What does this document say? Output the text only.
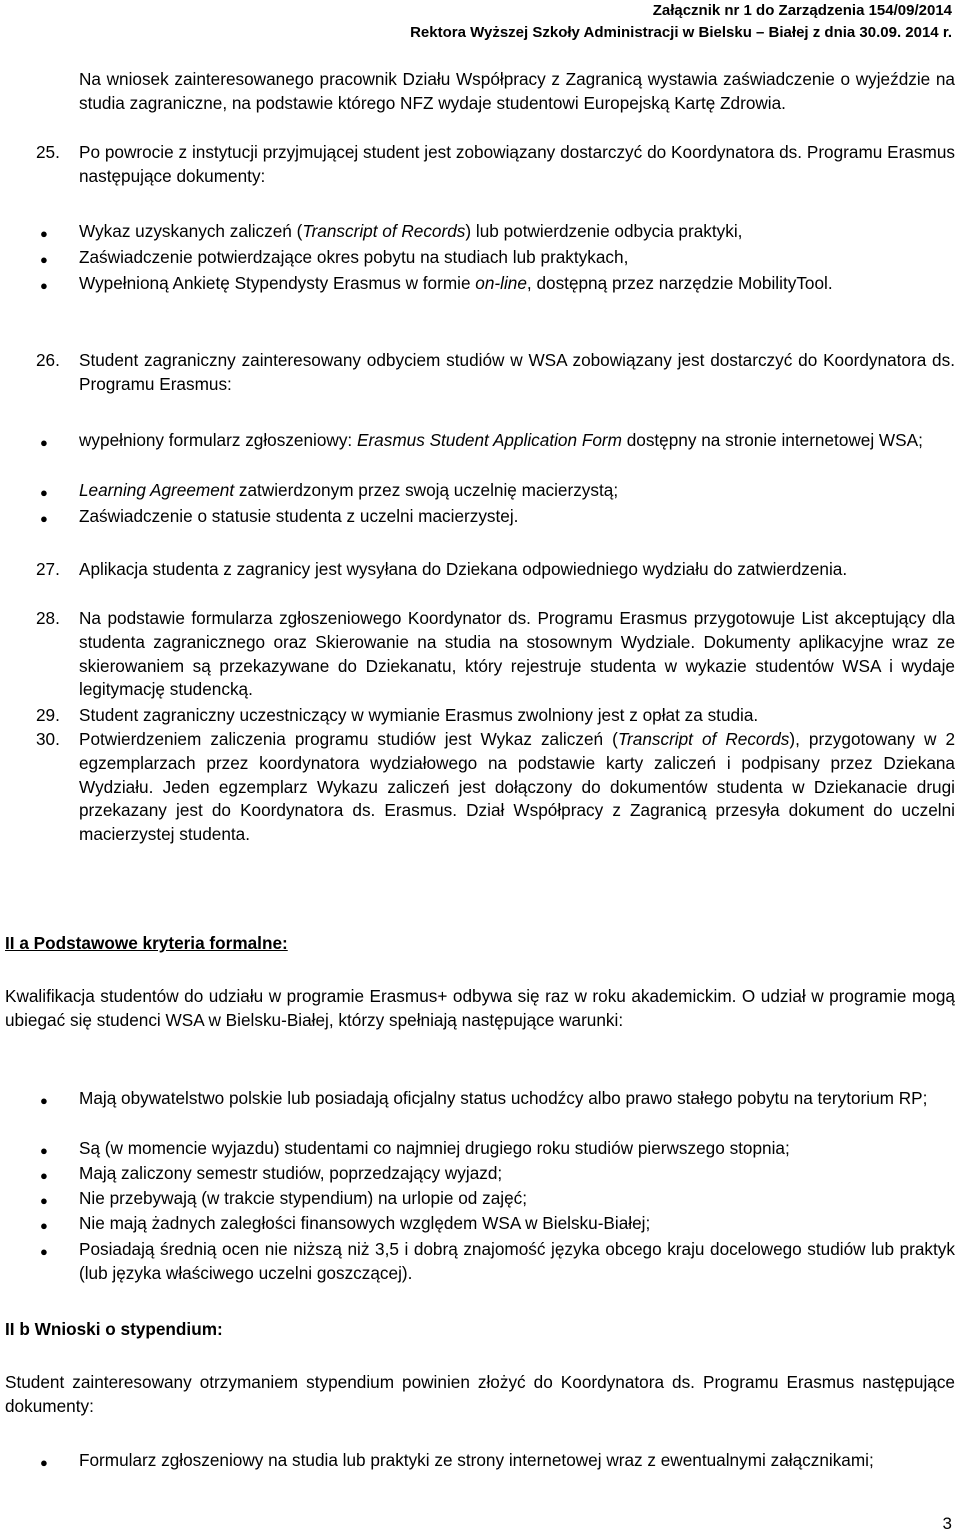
Załącznik nr 1 do Zarządzenia 154/09/2014
Rektora Wyższej Szkoły Administracji w Bielsku – Białej z dnia 30.09. 2014 r.
Na wniosek zainteresowanego pracownik Działu Współpracy z Zagranicą wystawia zaświadczenie o wyjeździe na studia zagraniczne, na podstawie którego NFZ wydaje studentowi Europejską Kartę Zdrowia.
25. Po powrocie z instytucji przyjmującej student jest zobowiązany dostarczyć do Koordynatora ds. Programu Erasmus następujące dokumenty:
● Wykaz uzyskanych zaliczeń (Transcript of Records) lub potwierdzenie odbycia praktyki,
● Zaświadczenie potwierdzające okres pobytu na studiach lub praktykach,
● Wypełnioną Ankietę Stypendysty Erasmus w formie on-line, dostępną przez narzędzie MobilityTool.
26. Student zagraniczny zainteresowany odbyciem studiów w WSA zobowiązany jest dostarczyć do Koordynatora ds. Programu Erasmus:
● wypełniony formularz zgłoszeniowy: Erasmus Student Application Form dostępny na stronie internetowej WSA;
● Learning Agreement zatwierdzonym przez swoją uczelnię macierzystą;
● Zaświadczenie o statusie studenta z uczelni macierzystej.
27. Aplikacja studenta z zagranicy jest wysyłana do Dziekana odpowiedniego wydziału do zatwierdzenia.
28. Na podstawie formularza zgłoszeniowego Koordynator ds. Programu Erasmus przygotowuje List akceptujący dla studenta zagranicznego oraz Skierowanie na studia na stosownym Wydziale. Dokumenty aplikacyjne wraz ze skierowaniem są przekazywane do Dziekanatu, który rejestruje studenta w wykazie studentów WSA i wydaje legitymację studencką.
29. Student zagraniczny uczestniczący w wymianie Erasmus zwolniony jest z opłat za studia.
30. Potwierdzeniem zaliczenia programu studiów jest Wykaz zaliczeń (Transcript of Records), przygotowany w 2 egzemplarzach przez koordynatora wydziałowego na podstawie karty zaliczeń i podpisany przez Dziekana Wydziału. Jeden egzemplarz Wykazu zaliczeń jest dołączony do dokumentów studenta w Dziekanacie drugi przekazany jest do Koordynatora ds. Erasmus. Dział Współpracy z Zagranicą przesyła dokument do uczelni macierzystej studenta.
II a Podstawowe kryteria formalne:
Kwalifikacja studentów do udziału w programie Erasmus+ odbywa się raz w roku akademickim. O udział w programie mogą ubiegać się studenci WSA w Bielsku-Białej, którzy spełniają następujące warunki:
● Mają obywatelstwo polskie lub posiadają oficjalny status uchodźcy albo prawo stałego pobytu na terytorium RP;
● Są (w momencie wyjazdu) studentami co najmniej drugiego roku studiów pierwszego stopnia;
● Mają zaliczony semestr studiów, poprzedzający wyjazd;
● Nie przebywają (w trakcie stypendium) na urlopie od zajęć;
● Nie mają żadnych zaległości finansowych względem WSA w Bielsku-Białej;
● Posiadają średnią ocen nie niższą niż 3,5 i dobrą znajomość języka obcego kraju docelowego studiów lub praktyk (lub języka właściwego uczelni goszczącej).
II b Wnioski o stypendium:
Student zainteresowany otrzymaniem stypendium powinien złożyć do Koordynatora ds. Programu Erasmus następujące dokumenty:
● Formularz zgłoszeniowy na studia lub praktyki ze strony internetowej wraz z ewentualnymi załącznikami;
3
